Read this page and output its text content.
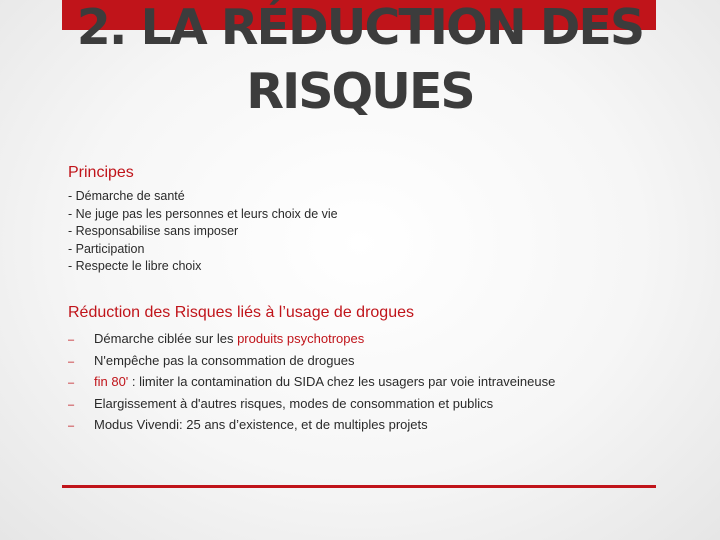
2. LA RÉDUCTION DES
RISQUES
Principes
- Démarche de santé
- Ne juge pas les personnes et leurs choix de vie
- Responsabilise sans imposer
- Participation
- Respecte le libre choix
Réduction des Risques liés à l’usage de drogues
– Démarche ciblée sur les produits psychotropes
– N'empêche pas la consommation de drogues
– fin 80' : limiter la contamination du SIDA chez les usagers par voie intraveineuse
– Elargissement à d'autres risques, modes de consommation et publics
– Modus Vivendi: 25 ans d’existence, et de multiples projets
